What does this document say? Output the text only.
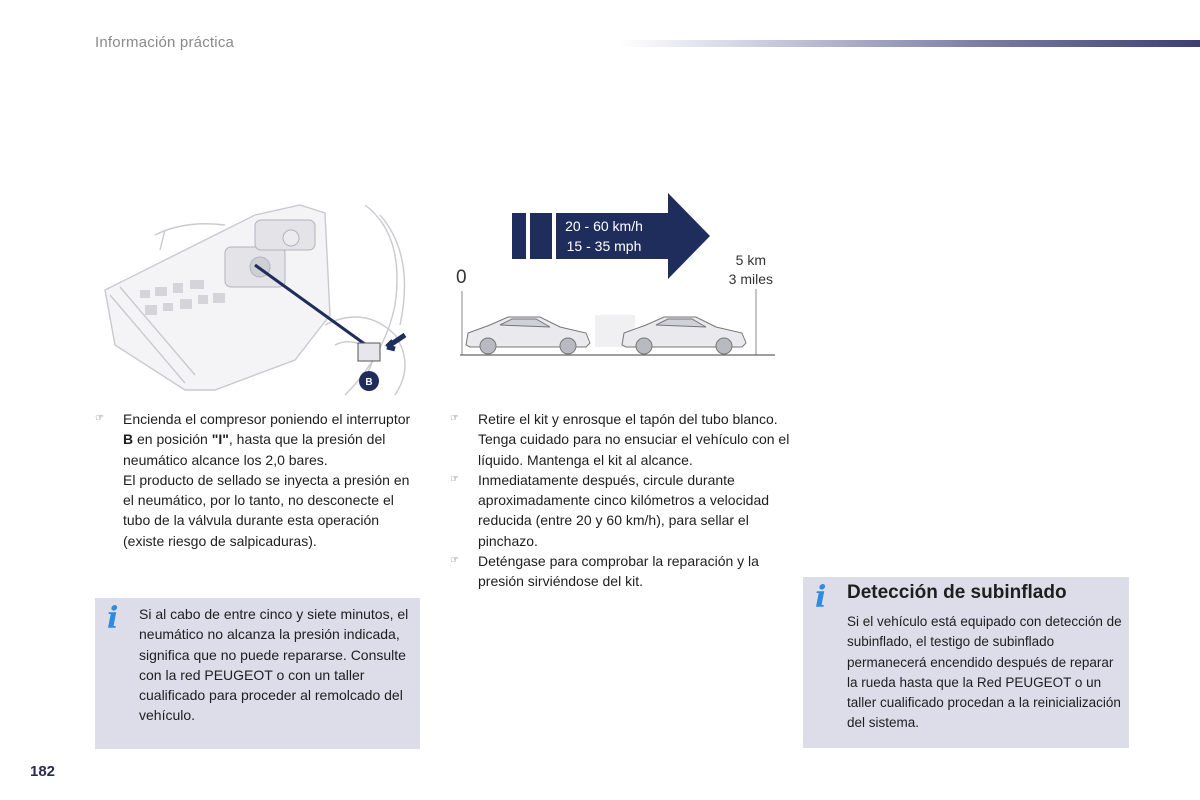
Información práctica
B
20 - 60 km/h
15 - 35 mph
0
5 km
3 miles
☞ Encienda el compresor poniendo el interruptor B en posición "I", hasta que la presión del neumático alcance los 2,0 bares.
El producto de sellado se inyecta a presión en el neumático, por lo tanto, no desconecte el tubo de la válvula durante esta operación (existe riesgo de salpicaduras).
i Si al cabo de entre cinco y siete minutos, el neumático no alcanza la presión indicada, significa que no puede repararse. Consulte con la red PEUGEOT o con un taller cualificado para proceder al remolcado del vehículo.
☞ Retire el kit y enrosque el tapón del tubo blanco.
Tenga cuidado para no ensuciar el vehículo con el líquido. Mantenga el kit al alcance.
☞ Inmediatamente después, circule durante aproximadamente cinco kilómetros a velocidad reducida (entre 20 y 60 km/h), para sellar el pinchazo.
☞ Deténgase para comprobar la reparación y la presión sirviéndose del kit.	i Detección de subinflado
Si el vehículo está equipado con detección de subinflado, el testigo de subinflado permanecerá encendido después de reparar la rueda hasta que la Red PEUGEOT o un taller cualificado procedan a la reinicialización del sistema.
182
